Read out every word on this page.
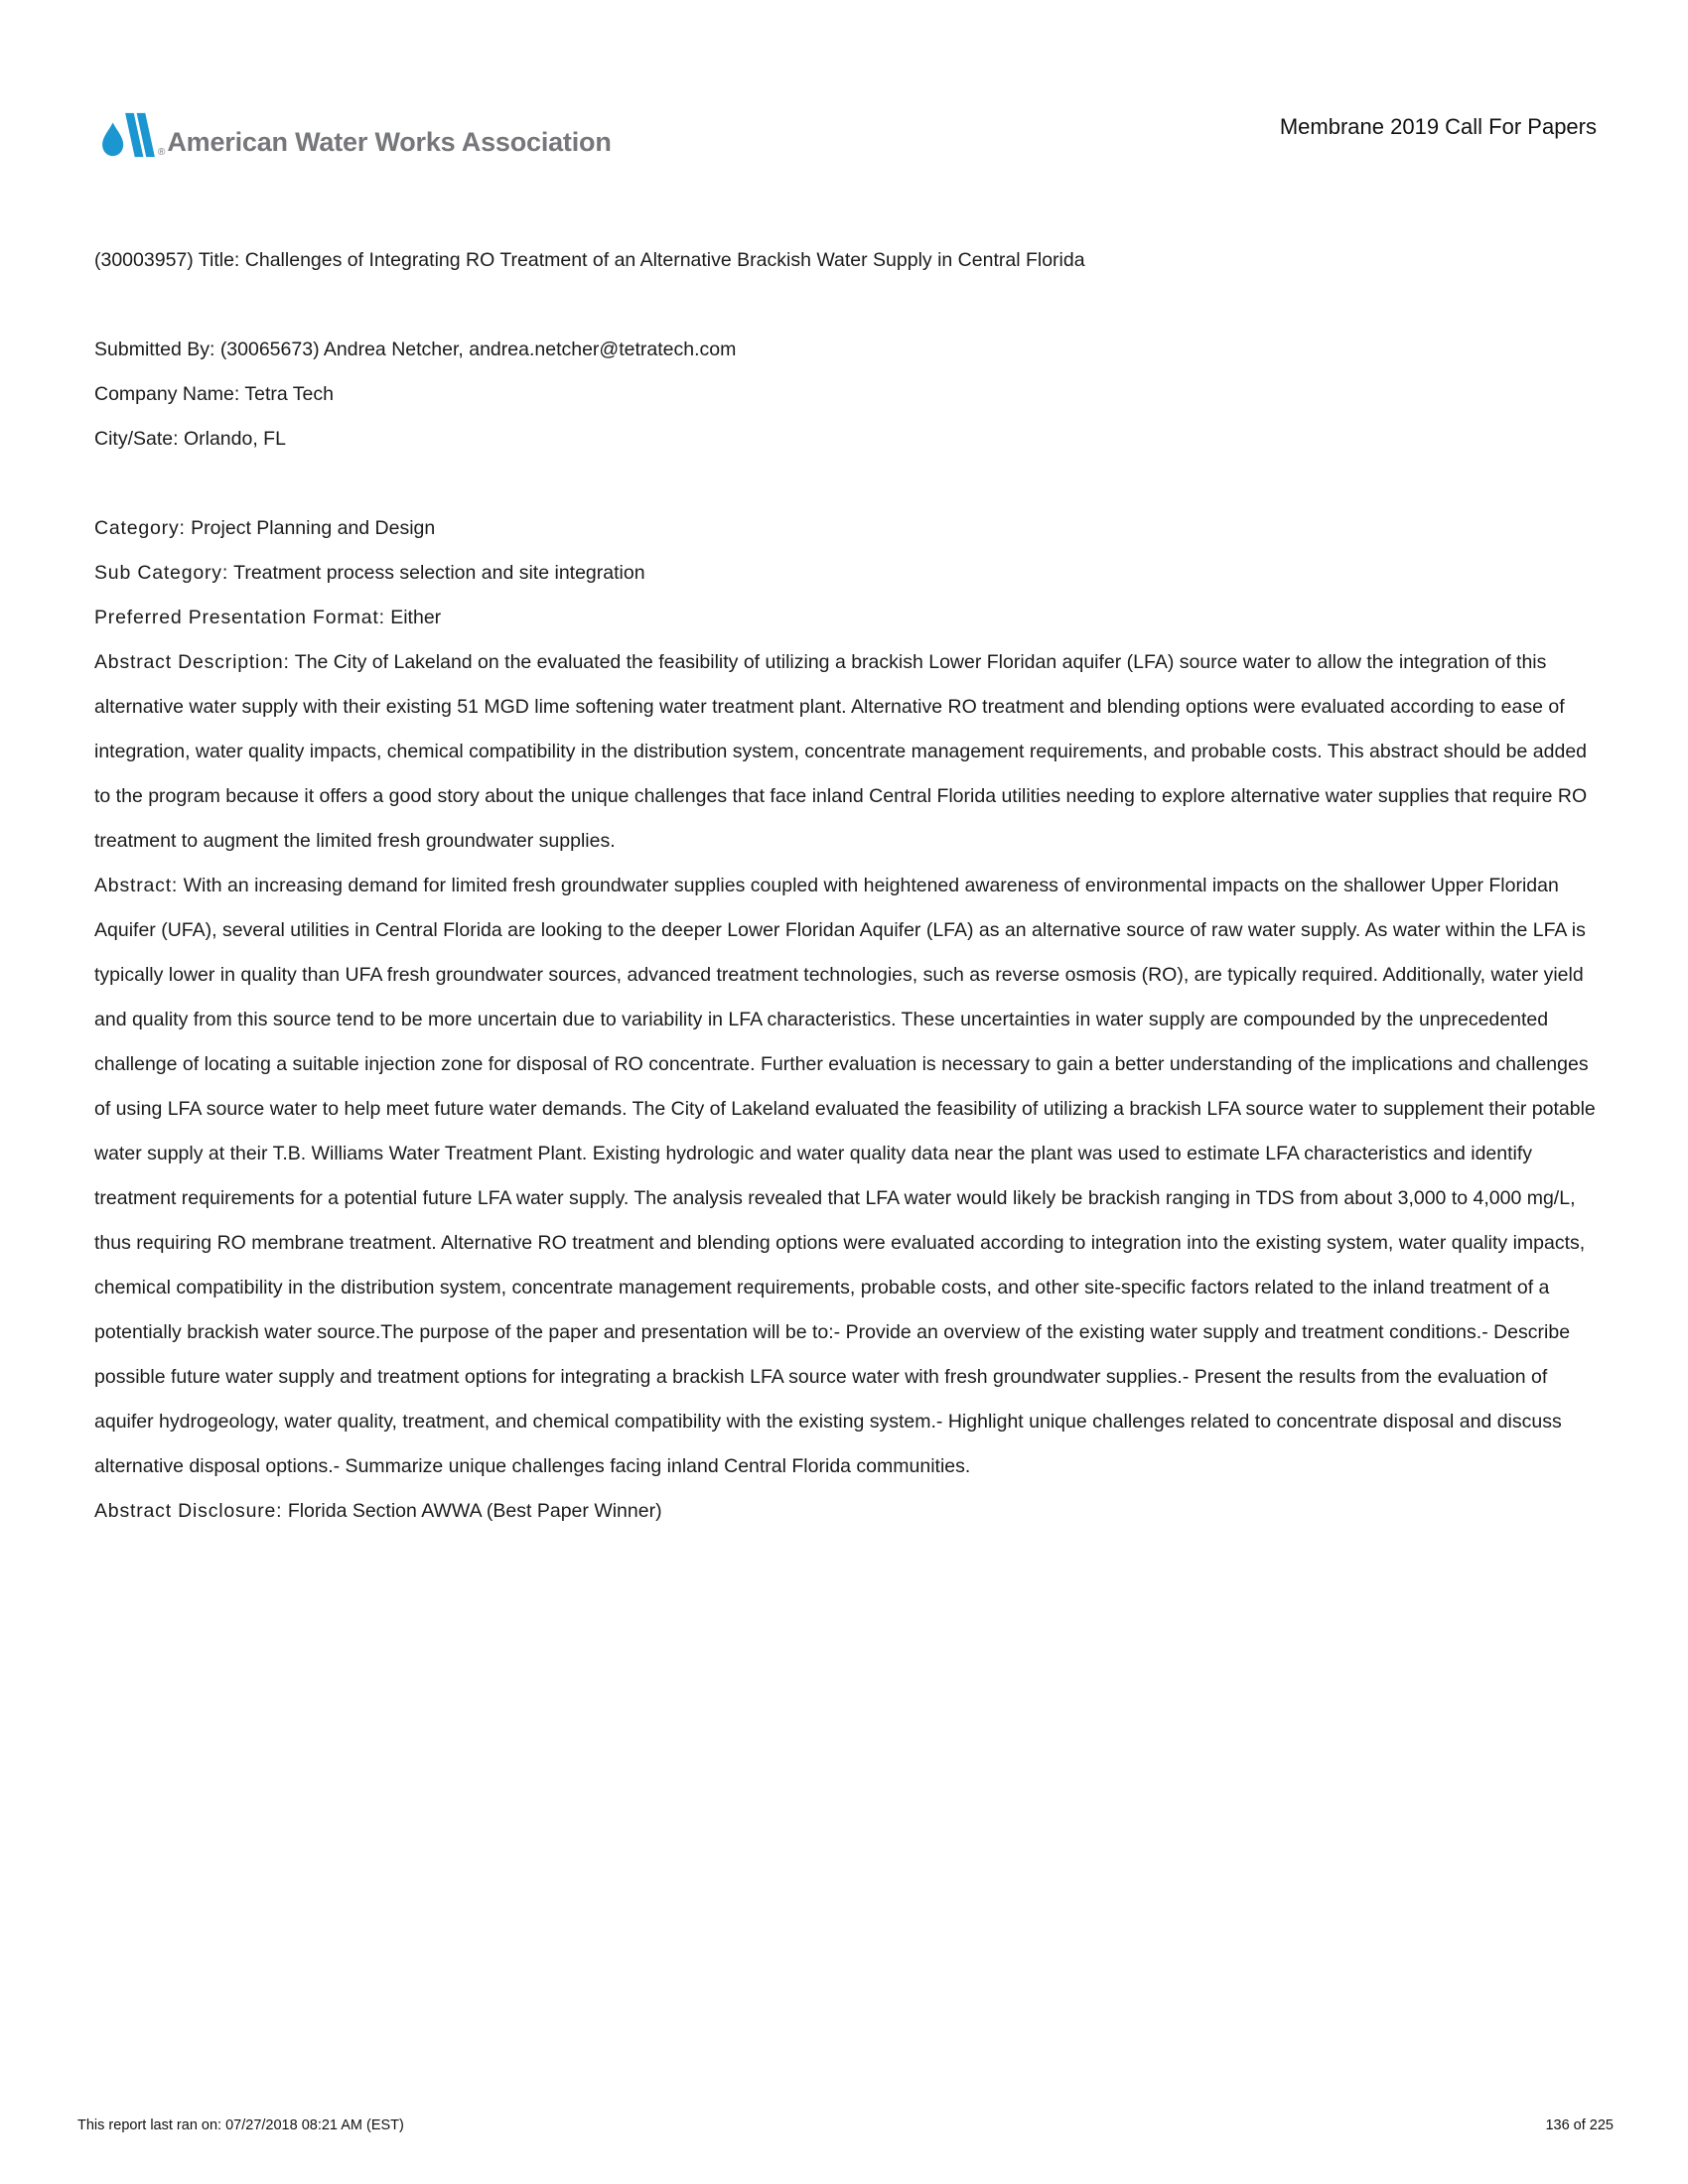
® American Water Works Association
Membrane 2019 Call For Papers

(30003957) Title: Challenges of Integrating RO Treatment of an Alternative Brackish Water Supply in Central Florida

Submitted By: (30065673) Andrea Netcher, andrea.netcher@tetratech.com

Company Name: Tetra Tech

City/Sate: Orlando, FL

Category: Project Planning and Design

Sub Category: Treatment process selection and site integration

Preferred Presentation Format: Either

Abstract Description: The City of Lakeland on the evaluated the feasibility of utilizing a brackish Lower Floridan aquifer (LFA) source water to allow the integration of this alternative water supply with their existing 51 MGD lime softening water treatment plant. Alternative RO treatment and blending options were evaluated according to ease of integration, water quality impacts, chemical compatibility in the distribution system, concentrate management requirements, and probable costs. This abstract should be added to the program because it offers a good story about the unique challenges that face inland Central Florida utilities needing to explore alternative water supplies that require RO treatment to augment the limited fresh groundwater supplies.

Abstract: With an increasing demand for limited fresh groundwater supplies coupled with heightened awareness of environmental impacts on the shallower Upper Floridan Aquifer (UFA), several utilities in Central Florida are looking to the deeper Lower Floridan Aquifer (LFA) as an alternative source of raw water supply. As water within the LFA is typically lower in quality than UFA fresh groundwater sources, advanced treatment technologies, such as reverse osmosis (RO), are typically required. Additionally, water yield and quality from this source tend to be more uncertain due to variability in LFA characteristics. These uncertainties in water supply are compounded by the unprecedented challenge of locating a suitable injection zone for disposal of RO concentrate. Further evaluation is necessary to gain a better understanding of the implications and challenges of using LFA source water to help meet future water demands. The City of Lakeland evaluated the feasibility of utilizing a brackish LFA source water to supplement their potable water supply at their T.B. Williams Water Treatment Plant. Existing hydrologic and water quality data near the plant was used to estimate LFA characteristics and identify treatment requirements for a potential future LFA water supply. The analysis revealed that LFA water would likely be brackish ranging in TDS from about 3,000 to 4,000 mg/L, thus requiring RO membrane treatment. Alternative RO treatment and blending options were evaluated according to integration into the existing system, water quality impacts, chemical compatibility in the distribution system, concentrate management requirements, probable costs, and other site-specific factors related to the inland treatment of a potentially brackish water source.The purpose of the paper and presentation will be to:- Provide an overview of the existing water supply and treatment conditions.- Describe possible future water supply and treatment options for integrating a brackish LFA source water with fresh groundwater supplies.- Present the results from the evaluation of aquifer hydrogeology, water quality, treatment, and chemical compatibility with the existing system.- Highlight unique challenges related to concentrate disposal and discuss alternative disposal options.- Summarize unique challenges facing inland Central Florida communities.

Abstract Disclosure: Florida Section AWWA (Best Paper Winner)

This report last ran on: 07/27/2018 08:21 AM (EST)	136 of 225
